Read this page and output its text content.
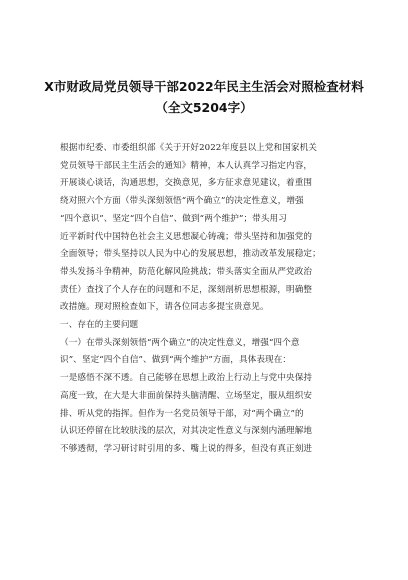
X市财政局党员领导干部2022年民主生活会对照检查材料
（全文5204字）
根据市纪委、市委组织部《关于开好2022年度县以上党和国家机关
党员领导干部民主生活会的通知》精神，本人认真学习指定内容，
开展谈心谈话，沟通思想，交换意见，多方征求意见建议，着重围
绕对照六个方面（带头深刻领悟“两个确立”的决定性意义，增强
“四个意识”、坚定“四个自信”、做到“两个维护”；带头用习
近平新时代中国特色社会主义思想凝心铸魂；带头坚持和加强党的
全面领导；带头坚持以人民为中心的发展思想，推动改革发展稳定；
带头发扬斗争精神，防范化解风险挑战；带头落实全面从严党政治
责任）查找了个人存在的问题和不足，深刻剖析思想根源，明确整
改措施。现对照检查如下，请各位同志多提宝贵意见。
一、存在的主要问题
（一）在带头深刻领悟“两个确立”的决定性意义，增强“四个意
识”、坚定“四个自信”、做到“两个维护”方面，具体表现在：
一是感悟不深不透。自己能够在思想上政治上行动上与党中央保持
高度一致，在大是大非面前保持头脑清醒、立场坚定，服从组织安
排、听从党的指挥。但作为一名党员领导干部，对“两个确立”的
认识还停留在比较肤浅的层次，对其决定性意义与深刻内涵理解地
不够透彻，学习研讨时引用的多、嘴上说的得多，但没有真正刻进
